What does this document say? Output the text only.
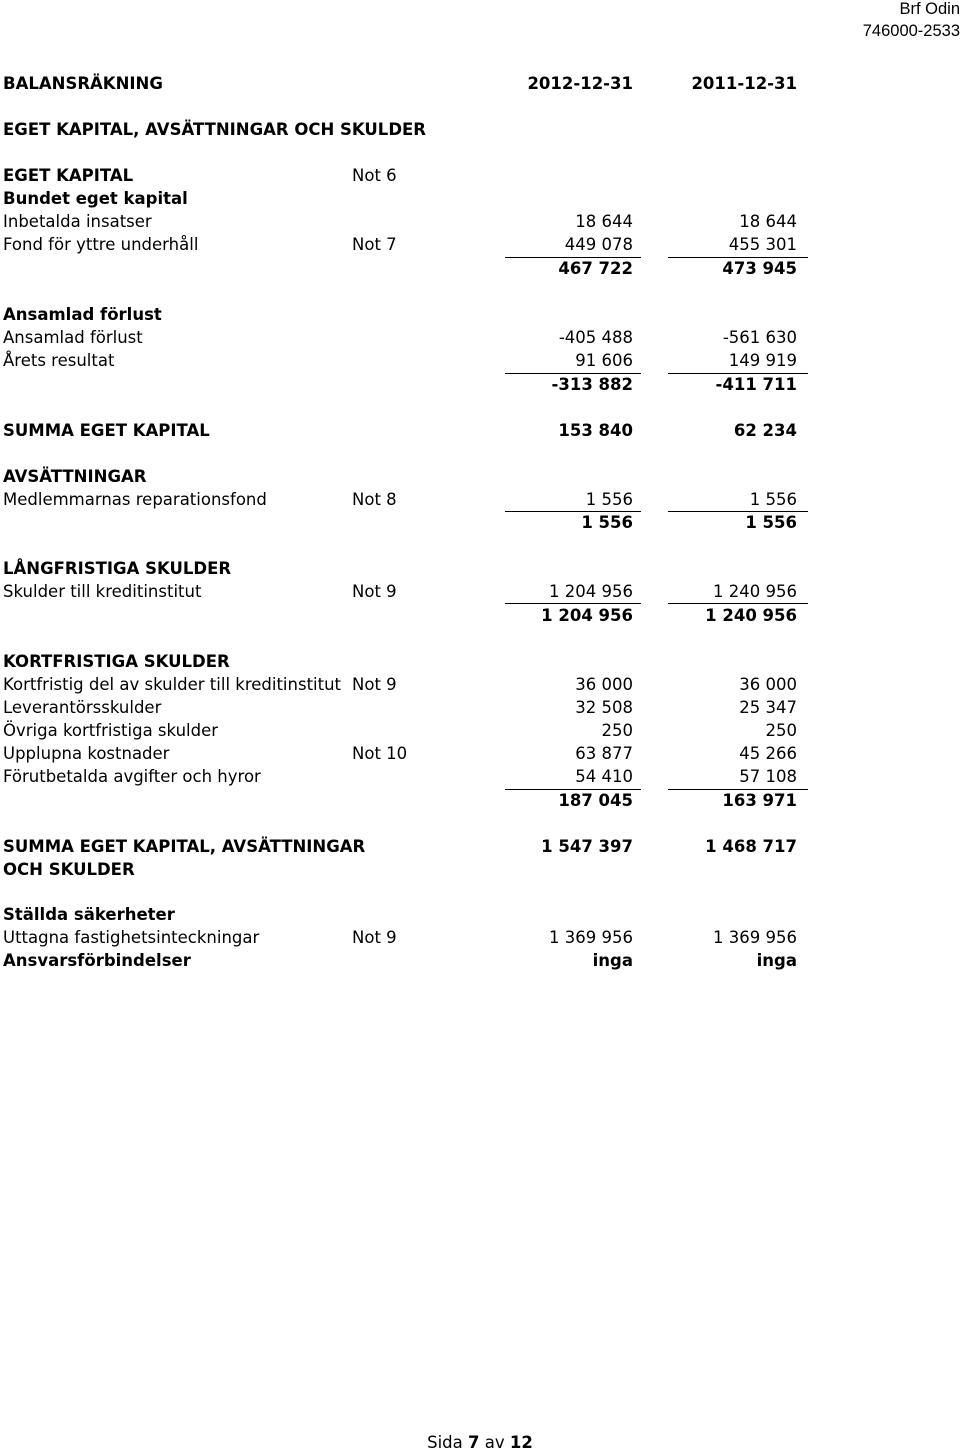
Brf Odin
746000-2533
BALANSRÄKNING	2012-12-31	2011-12-31
EGET KAPITAL, AVSÄTTNINGAR OCH SKULDER
EGET KAPITAL	Not 6
Bundet eget kapital
Inbetalda insatser	18 644	18 644
Fond för yttre underhåll	Not 7	449 078	455 301
467 722	473 945
Ansamlad förlust
Ansamlad förlust	-405 488	-561 630
Årets resultat	91 606	149 919
-313 882	-411 711
SUMMA EGET KAPITAL	153 840	62 234
AVSÄTTNINGAR
Medlemmarnas reparationsfond	Not 8	1 556	1 556
1 556	1 556
LÅNGFRISTIGA SKULDER
Skulder till kreditinstitut	Not 9	1 204 956	1 240 956
1 204 956	1 240 956
KORTFRISTIGA SKULDER
Kortfristig del av skulder till kreditinstitut Not 9	36 000	36 000
Leverantörsskulder	32 508	25 347
Övriga kortfristiga skulder	250	250
Upplupna kostnader	Not 10	63 877	45 266
Förutbetalda avgifter och hyror	54 410	57 108
187 045	163 971
SUMMA EGET KAPITAL, AVSÄTTNINGAR OCH SKULDER
1 547 397	1 468 717
Ställda säkerheter
Uttagna fastighetsinteckningar	Not 9	1 369 956	1 369 956
Ansvarsförbindelser	inga	inga
Sida 7 av 12
